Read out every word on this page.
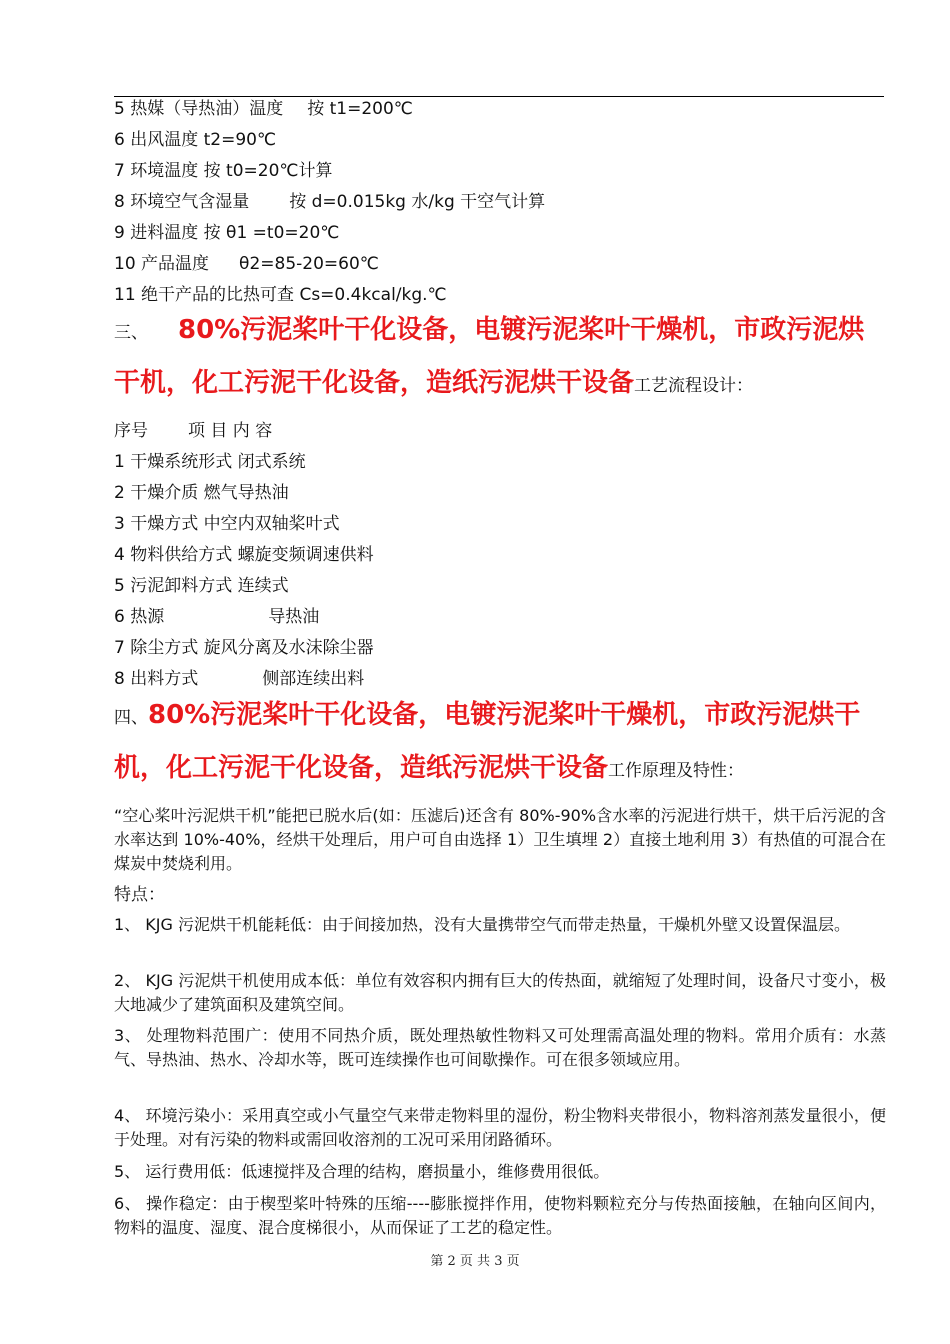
5 热媒（导热油）温度 按 t1=200℃
6 出风温度 t2=90℃
7 环境温度 按 t0=20℃计算
8 环境空气含湿量 按 d=0.015kg 水/kg 干空气计算
9 进料温度 按 θ1 =t0=20℃
10 产品温度 θ2=85-20=60℃
11 绝干产品的比热可查 Cs=0.4kcal/kg.℃
三、 80%污泥桨叶干化设备，电镀污泥桨叶干燥机，市政污泥烘干机，化工污泥干化设备，造纸污泥烘干设备工艺流程设计：
序号 项 目 内 容
1 干燥系统形式 闭式系统
2 干燥介质 燃气导热油
3 干燥方式 中空内双轴桨叶式
4 物料供给方式 螺旋变频调速供料
5 污泥卸料方式 连续式
6 热源	导热油
7 除尘方式 旋风分离及水沫除尘器
8 出料方式	侧部连续出料
四、80%污泥桨叶干化设备，电镀污泥桨叶干燥机，市政污泥烘干机，化工污泥干化设备，造纸污泥烘干设备工作原理及特性：
“空心桨叶污泥烘干机”能把已脱水后(如：压滤后)还含有 80%-90%含水率的污泥进行烘干，烘干后污泥的含水率达到 10%-40%，经烘干处理后，用户可自由选择 1）卫生填埋 2）直接土地利用 3）有热值的可混合在煤炭中焚烧利用。
特点：
1、 KJG 污泥烘干机能耗低：由于间接加热，没有大量携带空气而带走热量，干燥机外壁又设置保温层。
2、 KJG 污泥烘干机使用成本低：单位有效容积内拥有巨大的传热面，就缩短了处理时间，设备尺寸变小，极大地减少了建筑面积及建筑空间。
3、 处理物料范围广：使用不同热介质，既处理热敏性物料又可处理需高温处理的物料。常用介质有：水蒸气、导热油、热水、冷却水等，既可连续操作也可间歇操作。可在很多领域应用。
4、 环境污染小：采用真空或小气量空气来带走物料里的湿份，粉尘物料夹带很小，物料溶剂蒸发量很小，便于处理。对有污染的物料或需回收溶剂的工况可采用闭路循环。
5、 运行费用低：低速搅拌及合理的结构，磨损量小，维修费用很低。
6、 操作稳定：由于楔型桨叶特殊的压缩----膨胀搅拌作用，使物料颗粒充分与传热面接触，在轴向区间内，物料的温度、湿度、混合度梯很小，从而保证了工艺的稳定性。
第 2 页 共 3 页
